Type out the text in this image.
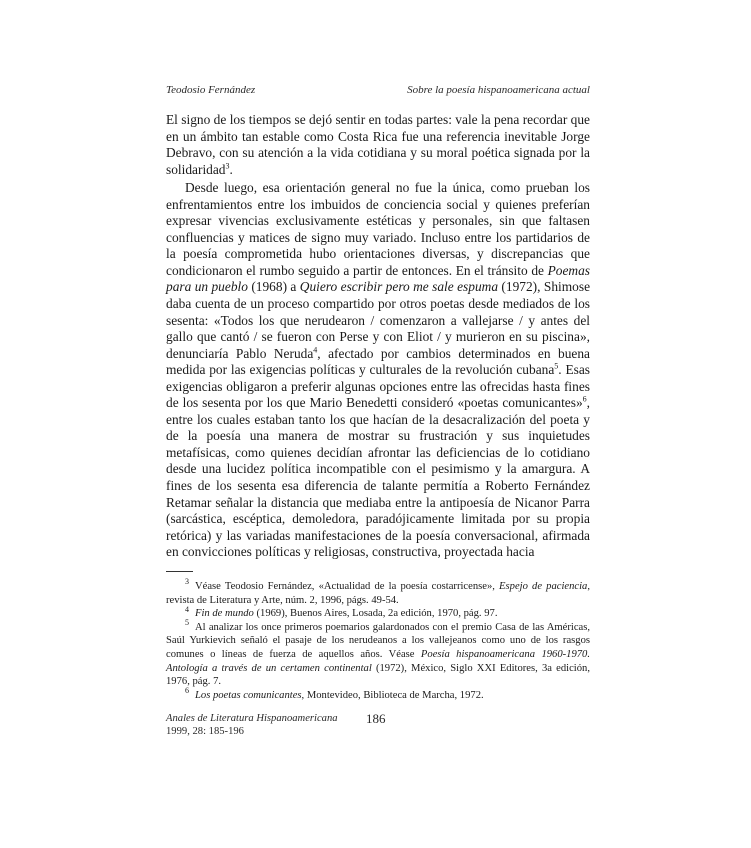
Teodosio Fernández	Sobre la poesía hispanoamericana actual

El signo de los tiempos se dejó sentir en todas partes: vale la pena recordar que en un ámbito tan estable como Costa Rica fue una referencia inevitable Jorge Debravo, con su atención a la vida cotidiana y su moral poética signada por la solidaridad$^3$.

Desde luego, esa orientación general no fue la única, como prueban los enfrentamientos entre los imbuidos de conciencia social y quienes preferían expresar vivencias exclusivamente estéticas y personales, sin que faltasen confluencias y matices de signo muy variado. Incluso entre los partidarios de la poesía comprometida hubo orientaciones diversas, y discrepancias que condicionaron el rumbo seguido a partir de entonces. En el tránsito de Poemas para un pueblo (1968) a Quiero escribir pero me sale espuma (1972), Shimose daba cuenta de un proceso compartido por otros poetas desde mediados de los sesenta: «Todos los que nerudearon / comenzaron a vallejarse / y antes del gallo que cantó / se fueron con Perse y con Eliot / y murieron en su piscina», denunciaría Pablo Neruda$^4$, afectado por cambios determinados en buena medida por las exigencias políticas y culturales de la revolución cubana$^5$. Esas exigencias obligaron a preferir algunas opciones entre las ofrecidas hasta fines de los sesenta por los que Mario Benedetti consideró «poetas comunicantes»$^6$, entre los cuales estaban tanto los que hacían de la desacralización del poeta y de la poesía una manera de mostrar su frustración y sus inquietudes metafísicas, como quienes decidían afrontar las deficiencias de lo cotidiano desde una lucidez política incompatible con el pesimismo y la amargura. A fines de los sesenta esa diferencia de talante permitía a Roberto Fernández Retamar señalar la distancia que mediaba entre la antipoesía de Nicanor Parra (sarcástica, escéptica, demoledora, paradójicamente limitada por su propia retórica) y las variadas manifestaciones de la poesía conversacional, afirmada en convicciones políticas y religiosas, constructiva, proyectada hacia

$^3$ Véase Teodosio Fernández, «Actualidad de la poesía costarricense», Espejo de paciencia, revista de Literatura y Arte, núm. 2, 1996, págs. 49-54.

$^4$ Fin de mundo (1969), Buenos Aires, Losada, 2a edición, 1970, pág. 97.

$^5$ Al analizar los once primeros poemarios galardonados con el premio Casa de las Américas, Saúl Yurkievich señaló el pasaje de los nerudeanos a los vallejeanos como uno de los rasgos comunes o líneas de fuerza de aquellos años. Véase Poesía hispanoamericana 1960-1970. Antología a través de un certamen continental (1972), México, Siglo XXI Editores, 3a edición, 1976, pág. 7.

$^6$ Los poetas comunicantes, Montevideo, Biblioteca de Marcha, 1972.

Anales de Literatura Hispanoamericana
1999, 28: 185-196
186
